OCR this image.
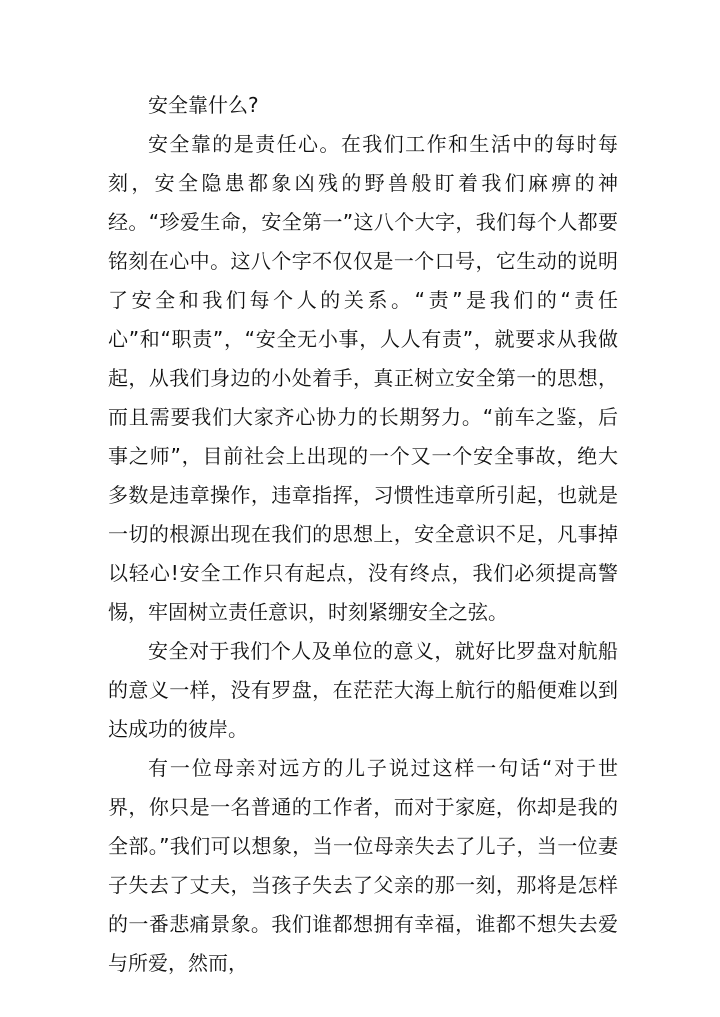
安全靠什么?

安全靠的是责任心。在我们工作和生活中的每时每刻，安全隐患都象凶残的野兽般盯着我们麻痹的神经。“珍爱生命，安全第一”这八个大字，我们每个人都要铭刻在心中。这八个字不仅仅是一个口号，它生动的说明了安全和我们每个人的关系。“责”是我们的“责任心”和“职责”，“安全无小事，人人有责”，就要求从我做起，从我们身边的小处着手，真正树立安全第一的思想，而且需要我们大家齐心协力的长期努力。“前车之鉴，后事之师”，目前社会上出现的一个又一个安全事故，绝大多数是违章操作，违章指挥，习惯性违章所引起，也就是一切的根源出现在我们的思想上，安全意识不足，凡事掉以轻心!安全工作只有起点，没有终点，我们必须提高警惕，牢固树立责任意识，时刻紧绷安全之弦。

安全对于我们个人及单位的意义，就好比罗盘对航船的意义一样，没有罗盘，在茫茫大海上航行的船便难以到达成功的彼岸。

有一位母亲对远方的儿子说过这样一句话“对于世界，你只是一名普通的工作者，而对于家庭，你却是我的全部。”我们可以想象，当一位母亲失去了儿子，当一位妻子失去了丈夫，当孩子失去了父亲的那一刻，那将是怎样的一番悲痛景象。我们谁都想拥有幸福，谁都不想失去爱与所爱，然而，
